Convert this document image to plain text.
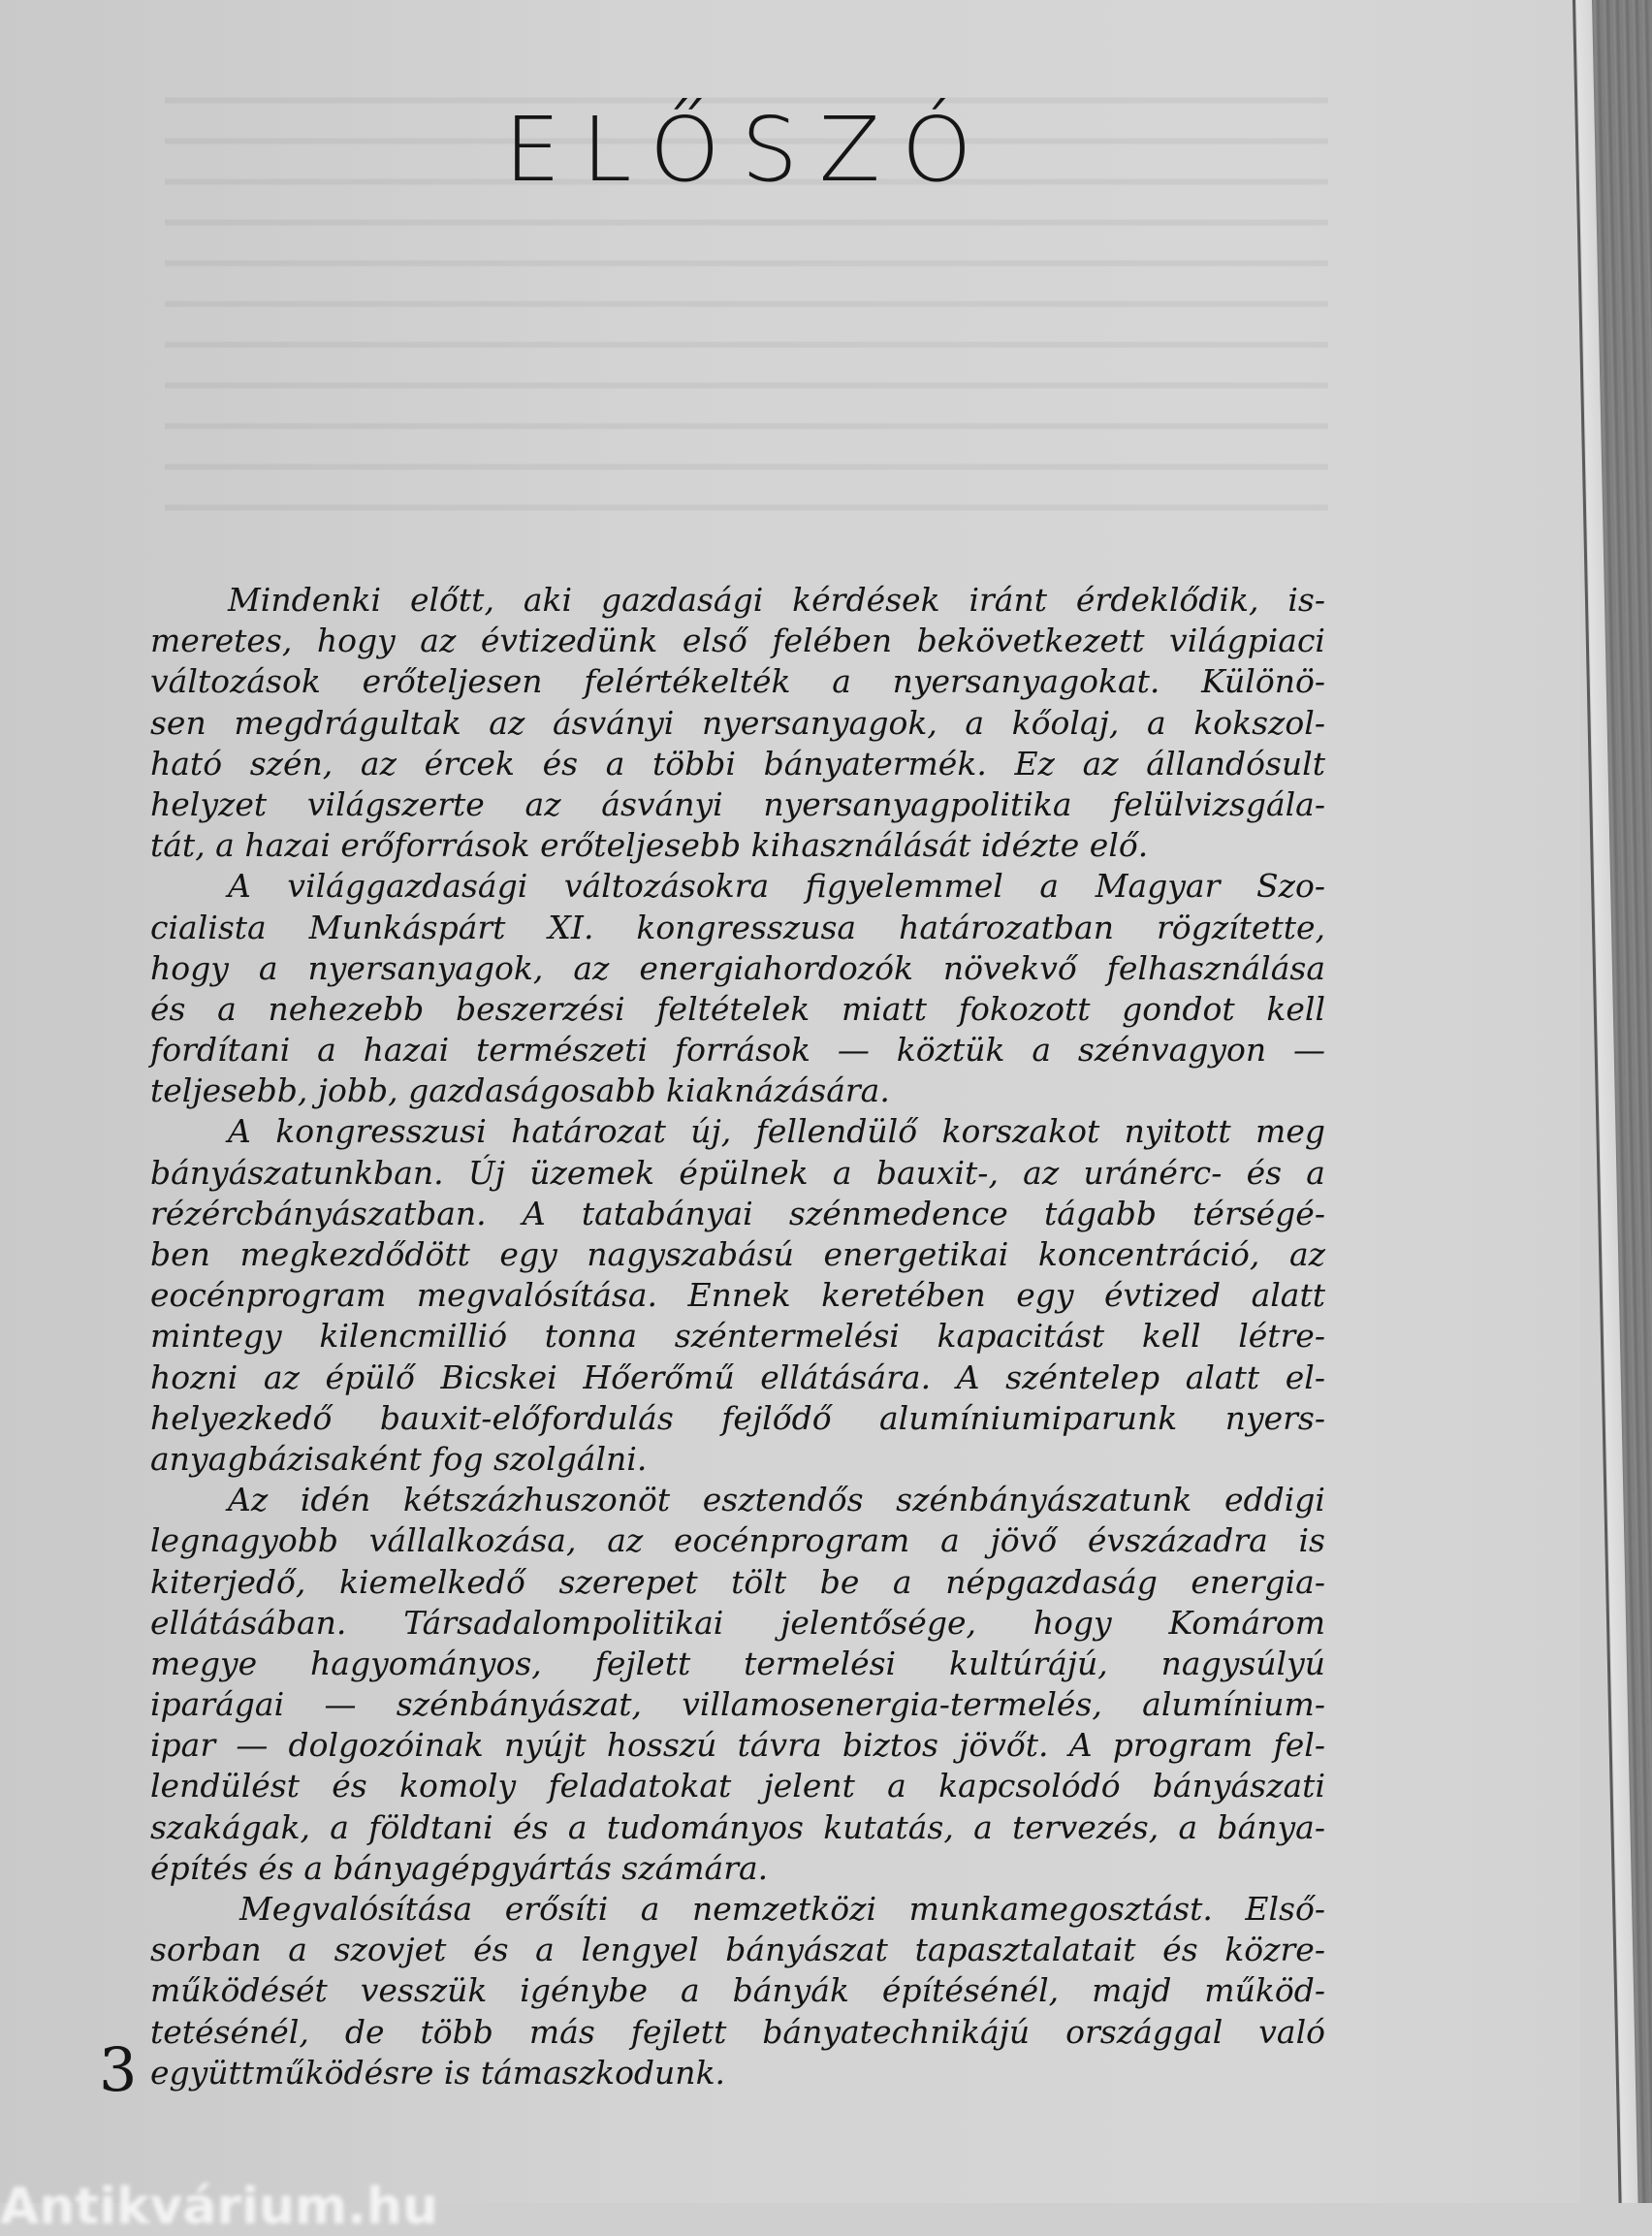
ELŐSZÓ
Mindenki előtt, aki gazdasági kérdések iránt érdeklődik, is-
meretes, hogy az évtizedünk első felében bekövetkezett világpiaci
változások erőteljesen felértékelték a nyersanyagokat. Különö-
sen megdrágultak az ásványi nyersanyagok, a kőolaj, a kokszol-
ható szén, az ércek és a többi bányatermék. Ez az állandósult
helyzet világszerte az ásványi nyersanyagpolitika felülvizsgála-
tát, a hazai erőforrások erőteljesebb kihasználását idézte elő.
A világgazdasági változásokra figyelemmel a Magyar Szo-
cialista Munkáspárt XI. kongresszusa határozatban rögzítette,
hogy a nyersanyagok, az energiahordozók növekvő felhasználása
és a nehezebb beszerzési feltételek miatt fokozott gondot kell
fordítani a hazai természeti források — köztük a szénvagyon —
teljesebb, jobb, gazdaságosabb kiaknázására.
A kongresszusi határozat új, fellendülő korszakot nyitott meg
bányászatunkban. Új üzemek épülnek a bauxit-, az uránérc- és a
rézércbányászatban. A tatabányai szénmedence tágabb térségé-
ben megkezdődött egy nagyszabású energetikai koncentráció, az
eocénprogram megvalósítása. Ennek keretében egy évtized alatt
mintegy kilencmillió tonna széntermelési kapacitást kell létre-
hozni az épülő Bicskei Hőerőmű ellátására. A széntelep alatt el-
helyezkedő bauxit-előfordulás fejlődő alumíniumiparunk nyers-
anyagbázisaként fog szolgálni.
Az idén kétszázhuszonöt esztendős szénbányászatunk eddigi
legnagyobb vállalkozása, az eocénprogram a jövő évszázadra is
kiterjedő, kiemelkedő szerepet tölt be a népgazdaság energia-
ellátásában. Társadalompolitikai jelentősége, hogy Komárom
megye hagyományos, fejlett termelési kultúrájú, nagysúlyú
iparágai — szénbányászat, villamosenergia-termelés, alumínium-
ipar — dolgozóinak nyújt hosszú távra biztos jövőt. A program fel-
lendülést és komoly feladatokat jelent a kapcsolódó bányászati
szakágak, a földtani és a tudományos kutatás, a tervezés, a bánya-
építés és a bányagépgyártás számára.
Megvalósítása erősíti a nemzetközi munkamegosztást. Első-
sorban a szovjet és a lengyel bányászat tapasztalatait és közre-
működését vesszük igénybe a bányák építésénél, majd működ-
tetésénél, de több más fejlett bányatechnikájú országgal való
együttműködésre is támaszkodunk.
3
Antikvárium.hu
